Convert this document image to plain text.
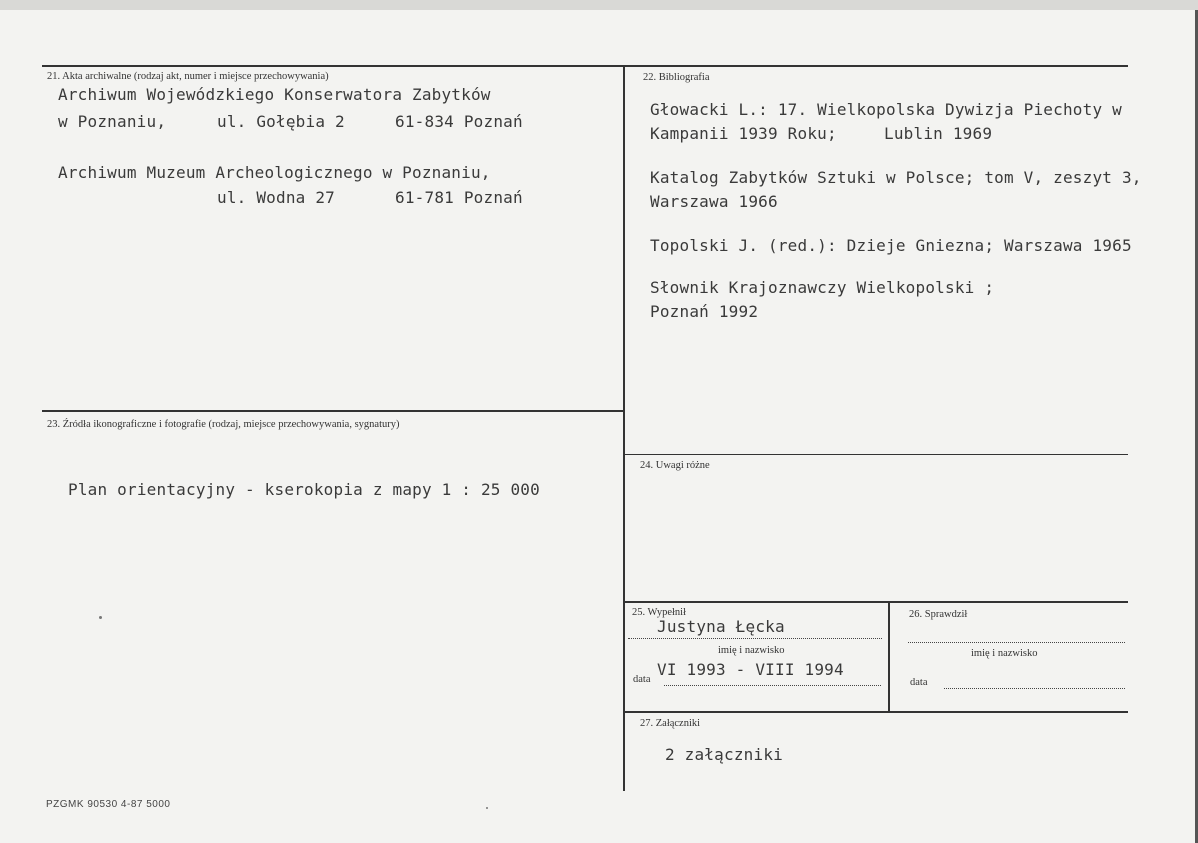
21. Akta archiwalne (rodzaj akt, numer i miejsce przechowywania)
Archiwum Wojewódzkiego Konserwatora Zabytków
w Poznaniu,	ul. Gołębia 2	61-834 Poznań
Archiwum Muzeum Archeologicznego w Poznaniu,
ul. Wodna 27	61-781 Poznań
22. Bibliografia
Głowacki L.: 17. Wielkopolska Dywizja Piechoty w
Kampanii 1939 Roku;	Lublin 1969
Katalog Zabytków Sztuki w Polsce; tom V, zeszyt 3,
Warszawa 1966
Topolski J. (red.): Dzieje Gniezna; Warszawa 1965
Słownik Krajoznawczy Wielkopolski ;
Poznań 1992
23. Źródła ikonograficzne i fotografie (rodzaj, miejsce przechowywania, sygnatury)
Plan orientacyjny - kserokopia z mapy 1 : 25 000
24. Uwagi różne
25. Wypełnił
Justyna Łęcka
imię i nazwisko
VI 1993 - VIII 1994
data
26. Sprawdził
imię i nazwisko
data
27. Załączniki
2 załączniki
PZGMK 90530 4-87 5000
